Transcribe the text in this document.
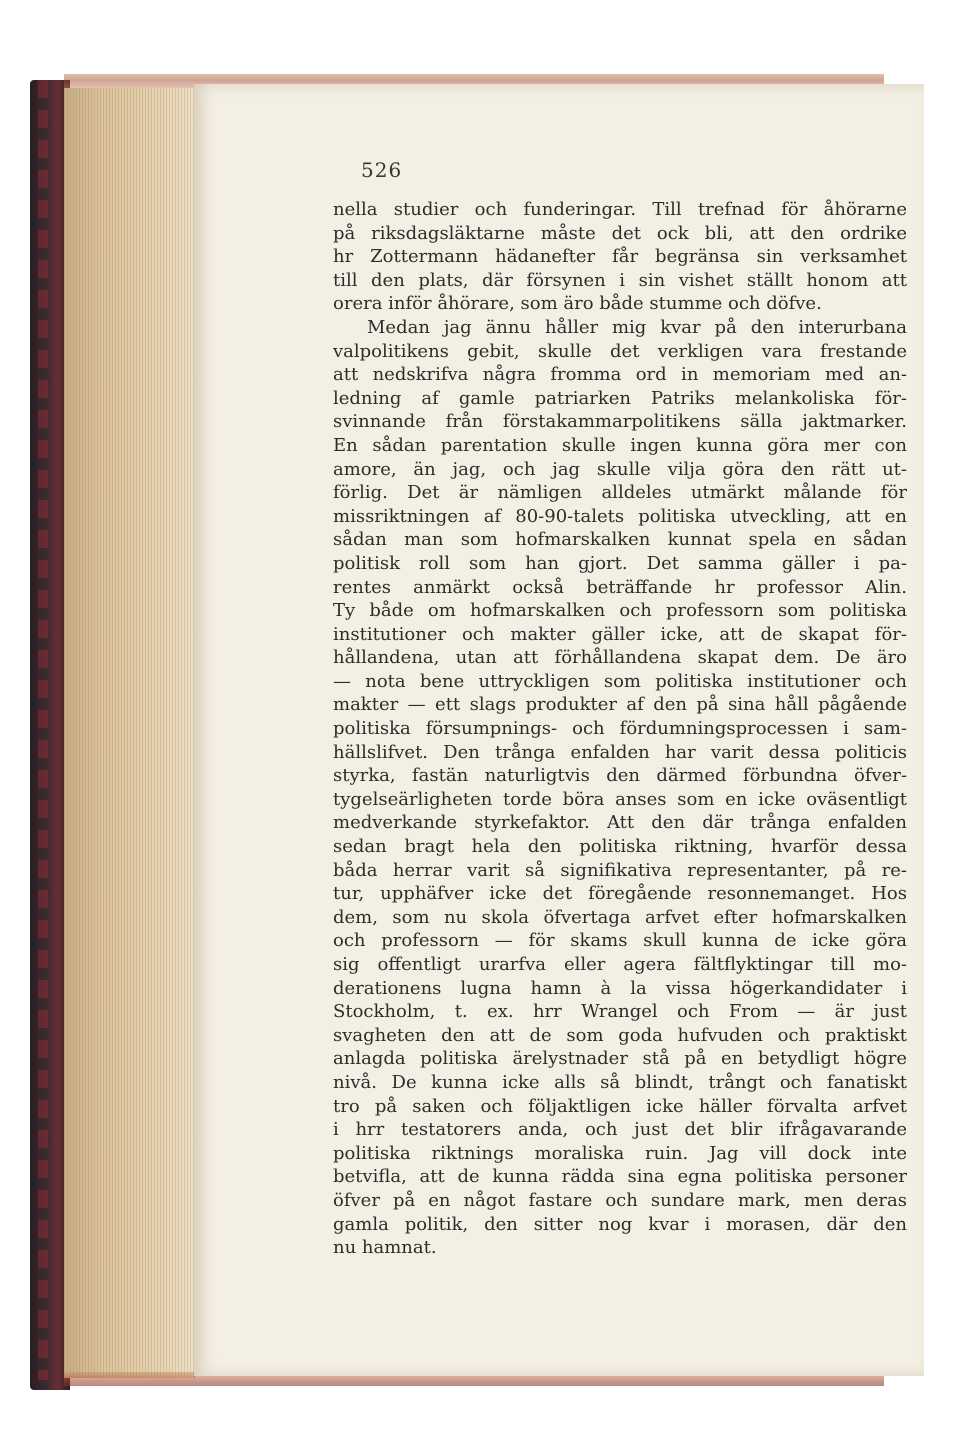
526
nella studier och funderingar. Till trefnad för åhörarne
på riksdagsläktarne måste det ock bli, att den ordrike
hr Zottermann hädanefter får begränsa sin verksamhet
till den plats, där försynen i sin vishet ställt honom att
orera inför åhörare, som äro både stumme och döfve.
Medan jag ännu håller mig kvar på den interurbana
valpolitikens gebit, skulle det verkligen vara frestande
att nedskrifva några fromma ord in memoriam med an-
ledning af gamle patriarken Patriks melankoliska för-
svinnande från förstakammarpolitikens sälla jaktmarker.
En sådan parentation skulle ingen kunna göra mer con
amore, än jag, och jag skulle vilja göra den rätt ut-
förlig. Det är nämligen alldeles utmärkt målande för
missriktningen af 80-90-talets politiska utveckling, att en
sådan man som hofmarskalken kunnat spela en sådan
politisk roll som han gjort. Det samma gäller i pa-
rentes anmärkt också beträffande hr professor Alin.
Ty både om hofmarskalken och professorn som politiska
institutioner och makter gäller icke, att de skapat för-
hållandena, utan att förhållandena skapat dem. De äro
— nota bene uttryckligen som politiska institutioner och
makter — ett slags produkter af den på sina håll pågående
politiska försumpnings- och fördumningsprocessen i sam-
hällslifvet. Den trånga enfalden har varit dessa politicis
styrka, fastän naturligtvis den därmed förbundna öfver-
tygelseärligheten torde böra anses som en icke oväsentligt
medverkande styrkefaktor. Att den där trånga enfalden
sedan bragt hela den politiska riktning, hvarför dessa
båda herrar varit så signifikativa representanter, på re-
tur, upphäfver icke det föregående resonnemanget. Hos
dem, som nu skola öfvertaga arfvet efter hofmarskalken
och professorn — för skams skull kunna de icke göra
sig offentligt urarfva eller agera fältflyktingar till mo-
derationens lugna hamn à la vissa högerkandidater i
Stockholm, t. ex. hrr Wrangel och From — är just
svagheten den att de som goda hufvuden och praktiskt
anlagda politiska ärelystnader stå på en betydligt högre
nivå. De kunna icke alls så blindt, trångt och fanatiskt
tro på saken och följaktligen icke häller förvalta arfvet
i hrr testatorers anda, och just det blir ifrågavarande
politiska riktnings moraliska ruin. Jag vill dock inte
betvifla, att de kunna rädda sina egna politiska personer
öfver på en något fastare och sundare mark, men deras
gamla politik, den sitter nog kvar i morasen, där den
nu hamnat.
